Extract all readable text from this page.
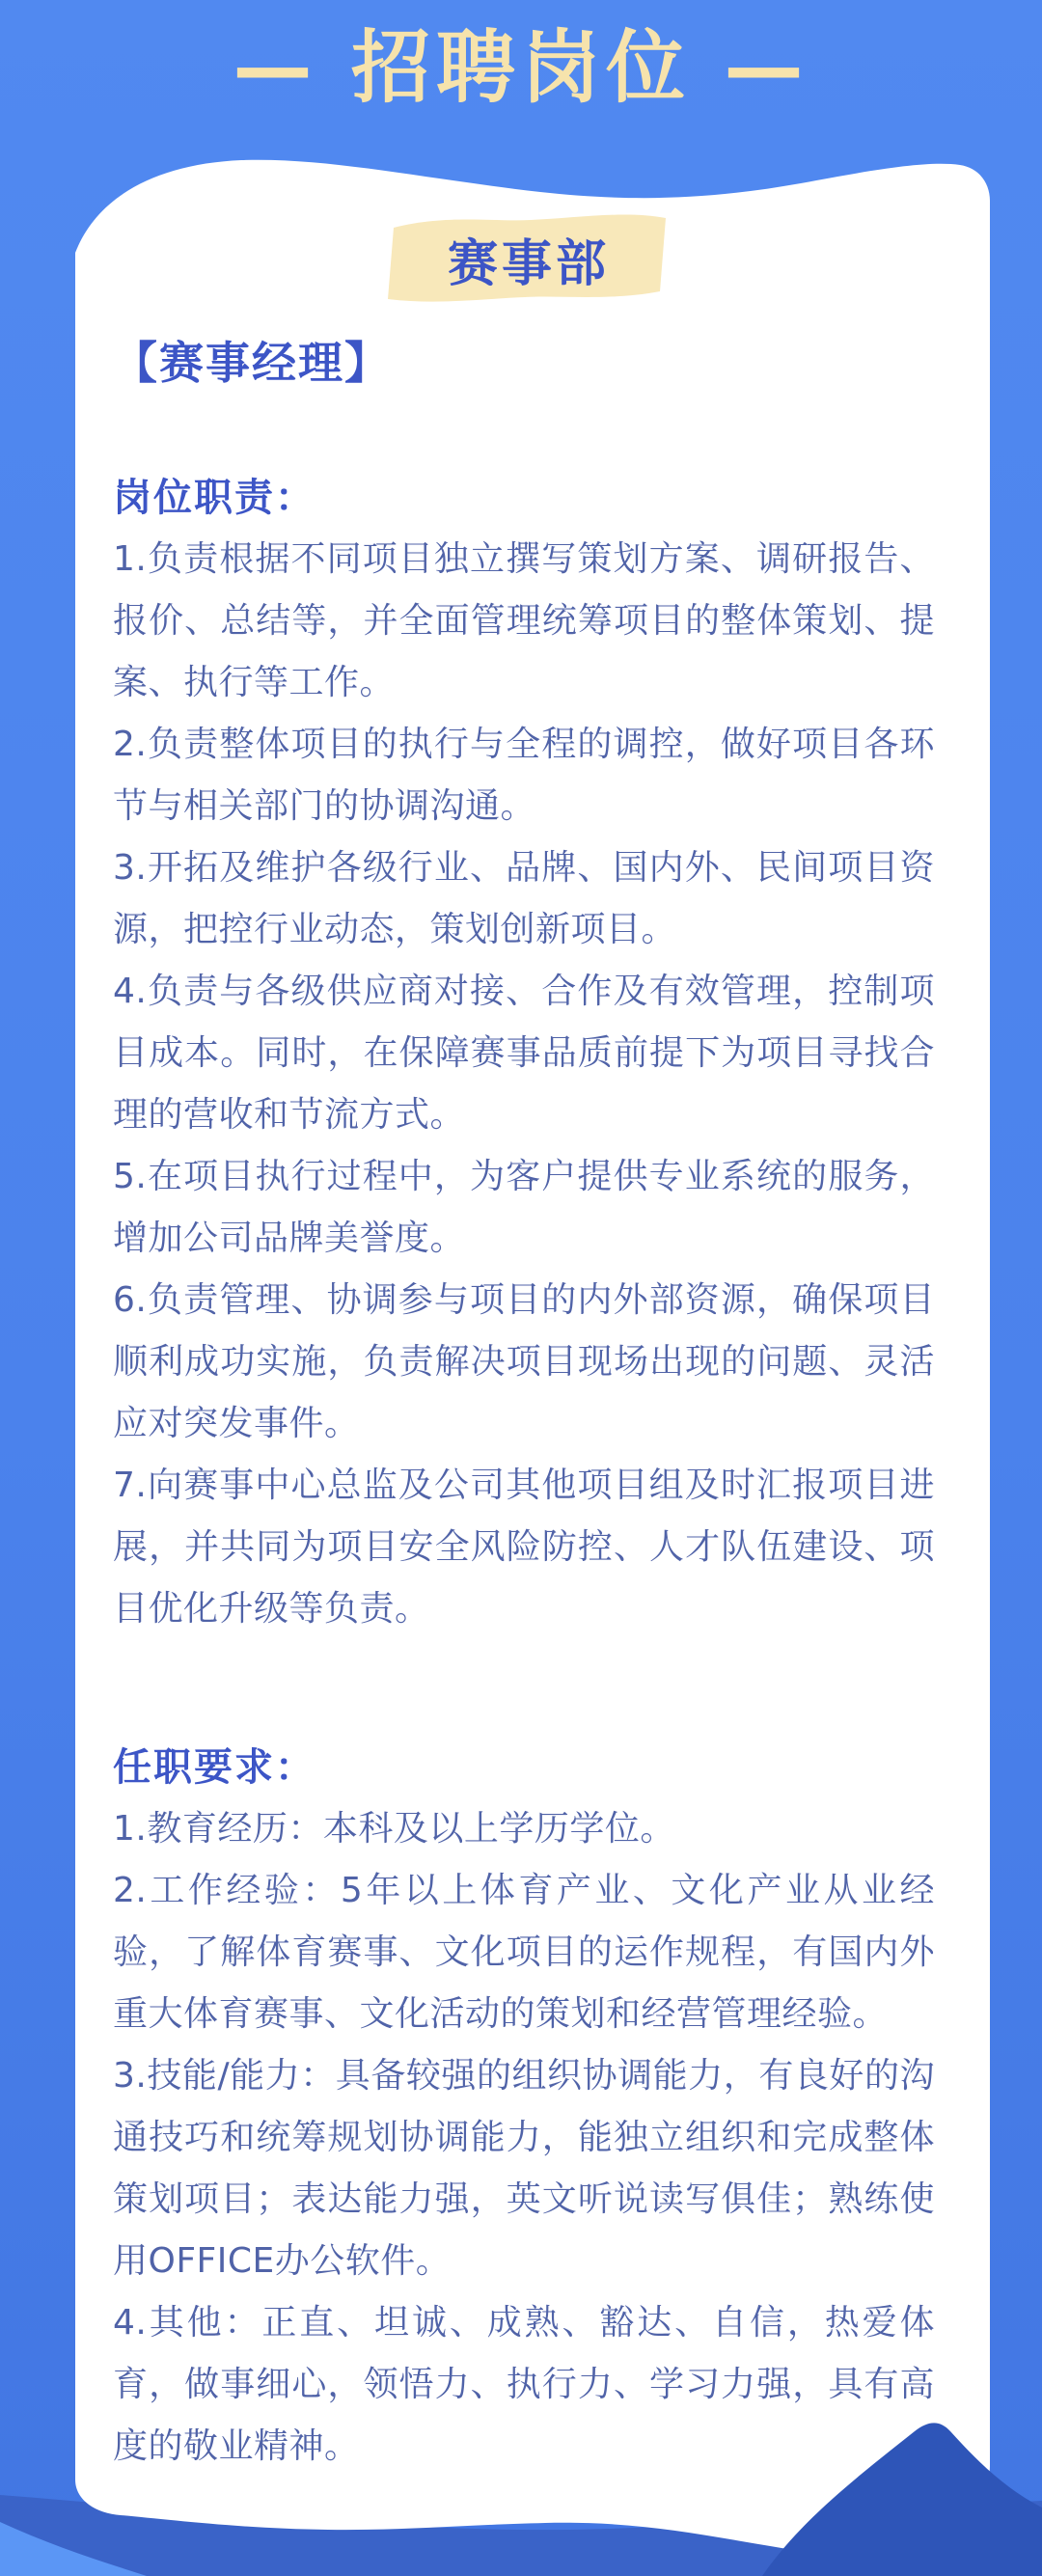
— 招聘岗位 —
赛事部
【赛事经理】
岗位职责：

1.负责根据不同项目独立撰写策划方案、调研报告、报价、总结等，并全面管理统筹项目的整体策划、提案、执行等工作。

2.负责整体项目的执行与全程的调控，做好项目各环节与相关部门的协调沟通。

3.开拓及维护各级行业、品牌、国内外、民间项目资源，把控行业动态，策划创新项目。

4.负责与各级供应商对接、合作及有效管理，控制项目成本。同时，在保障赛事品质前提下为项目寻找合理的营收和节流方式。

5.在项目执行过程中，为客户提供专业系统的服务，增加公司品牌美誉度。

6.负责管理、协调参与项目的内外部资源，确保项目顺利成功实施，负责解决项目现场出现的问题、灵活应对突发事件。

7.向赛事中心总监及公司其他项目组及时汇报项目进展，并共同为项目安全风险防控、人才队伍建设、项目优化升级等负责。

任职要求：

1.教育经历：本科及以上学历学位。

2.工作经验：5年以上体育产业、文化产业从业经验，了解体育赛事、文化项目的运作规程，有国内外重大体育赛事、文化活动的策划和经营管理经验。

3.技能/能力：具备较强的组织协调能力，有良好的沟通技巧和统筹规划协调能力，能独立组织和完成整体策划项目；表达能力强，英文听说读写俱佳；熟练使用OFFICE办公软件。

4.其他：正直、坦诚、成熟、豁达、自信，热爱体育，做事细心，领悟力、执行力、学习力强，具有高度的敬业精神。
